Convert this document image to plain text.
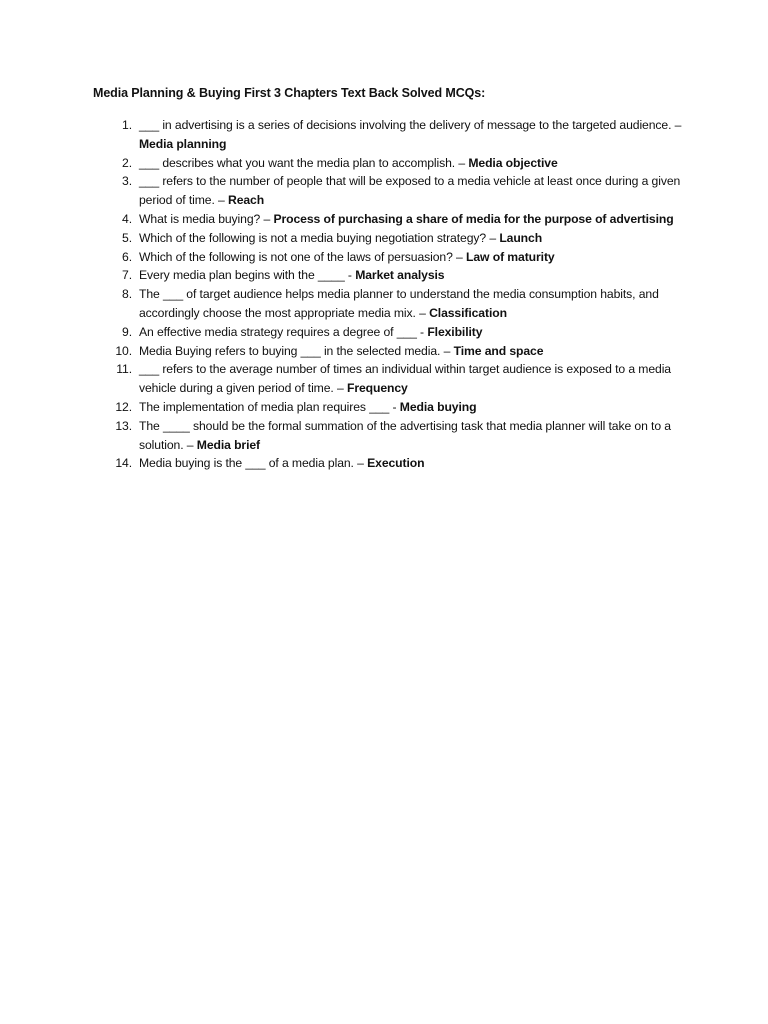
Media Planning & Buying First 3 Chapters Text Back Solved MCQs:
1. ___ in advertising is a series of decisions involving the delivery of message to the targeted audience. – Media planning
2. ___ describes what you want the media plan to accomplish. – Media objective
3. ___ refers to the number of people that will be exposed to a media vehicle at least once during a given period of time. – Reach
4. What is media buying? – Process of purchasing a share of media for the purpose of advertising
5. Which of the following is not a media buying negotiation strategy? – Launch
6. Which of the following is not one of the laws of persuasion? – Law of maturity
7. Every media plan begins with the ____ - Market analysis
8. The ___ of target audience helps media planner to understand the media consumption habits, and accordingly choose the most appropriate media mix. – Classification
9. An effective media strategy requires a degree of ___ - Flexibility
10. Media Buying refers to buying ___ in the selected media. – Time and space
11. ___ refers to the average number of times an individual within target audience is exposed to a media vehicle during a given period of time. – Frequency
12. The implementation of media plan requires ___ - Media buying
13. The ____ should be the formal summation of the advertising task that media planner will take on to a solution. – Media brief
14. Media buying is the ___ of a media plan. – Execution
